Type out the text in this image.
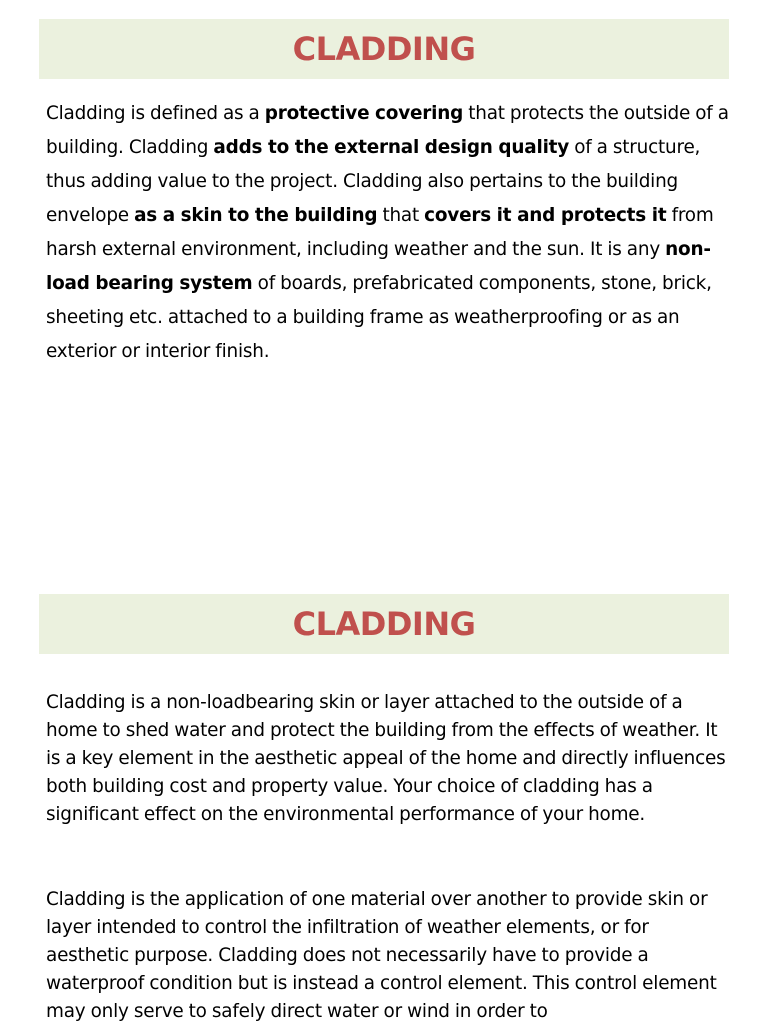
CLADDING

Cladding is defined as a protective covering that protects the outside of a building. Cladding adds to the external design quality of a structure, thus adding value to the project. Cladding also pertains to the building envelope as a skin to the building that covers it and protects it from harsh external environment, including weather and the sun. It is any non-load bearing system of boards, prefabricated components, stone, brick, sheeting etc. attached to a building frame as weatherproofing or as an exterior or interior finish.

CLADDING

Cladding is a non-loadbearing skin or layer attached to the outside of a home to shed water and protect the building from the effects of weather. It is a key element in the aesthetic appeal of the home and directly influences both building cost and property value. Your choice of cladding has a significant effect on the environmental performance of your home.

Cladding is the application of one material over another to provide skin or layer intended to control the infiltration of weather elements, or for aesthetic purpose. Cladding does not necessarily have to provide a waterproof condition but is instead a control element. This control element may only serve to safely direct water or wind in order to
